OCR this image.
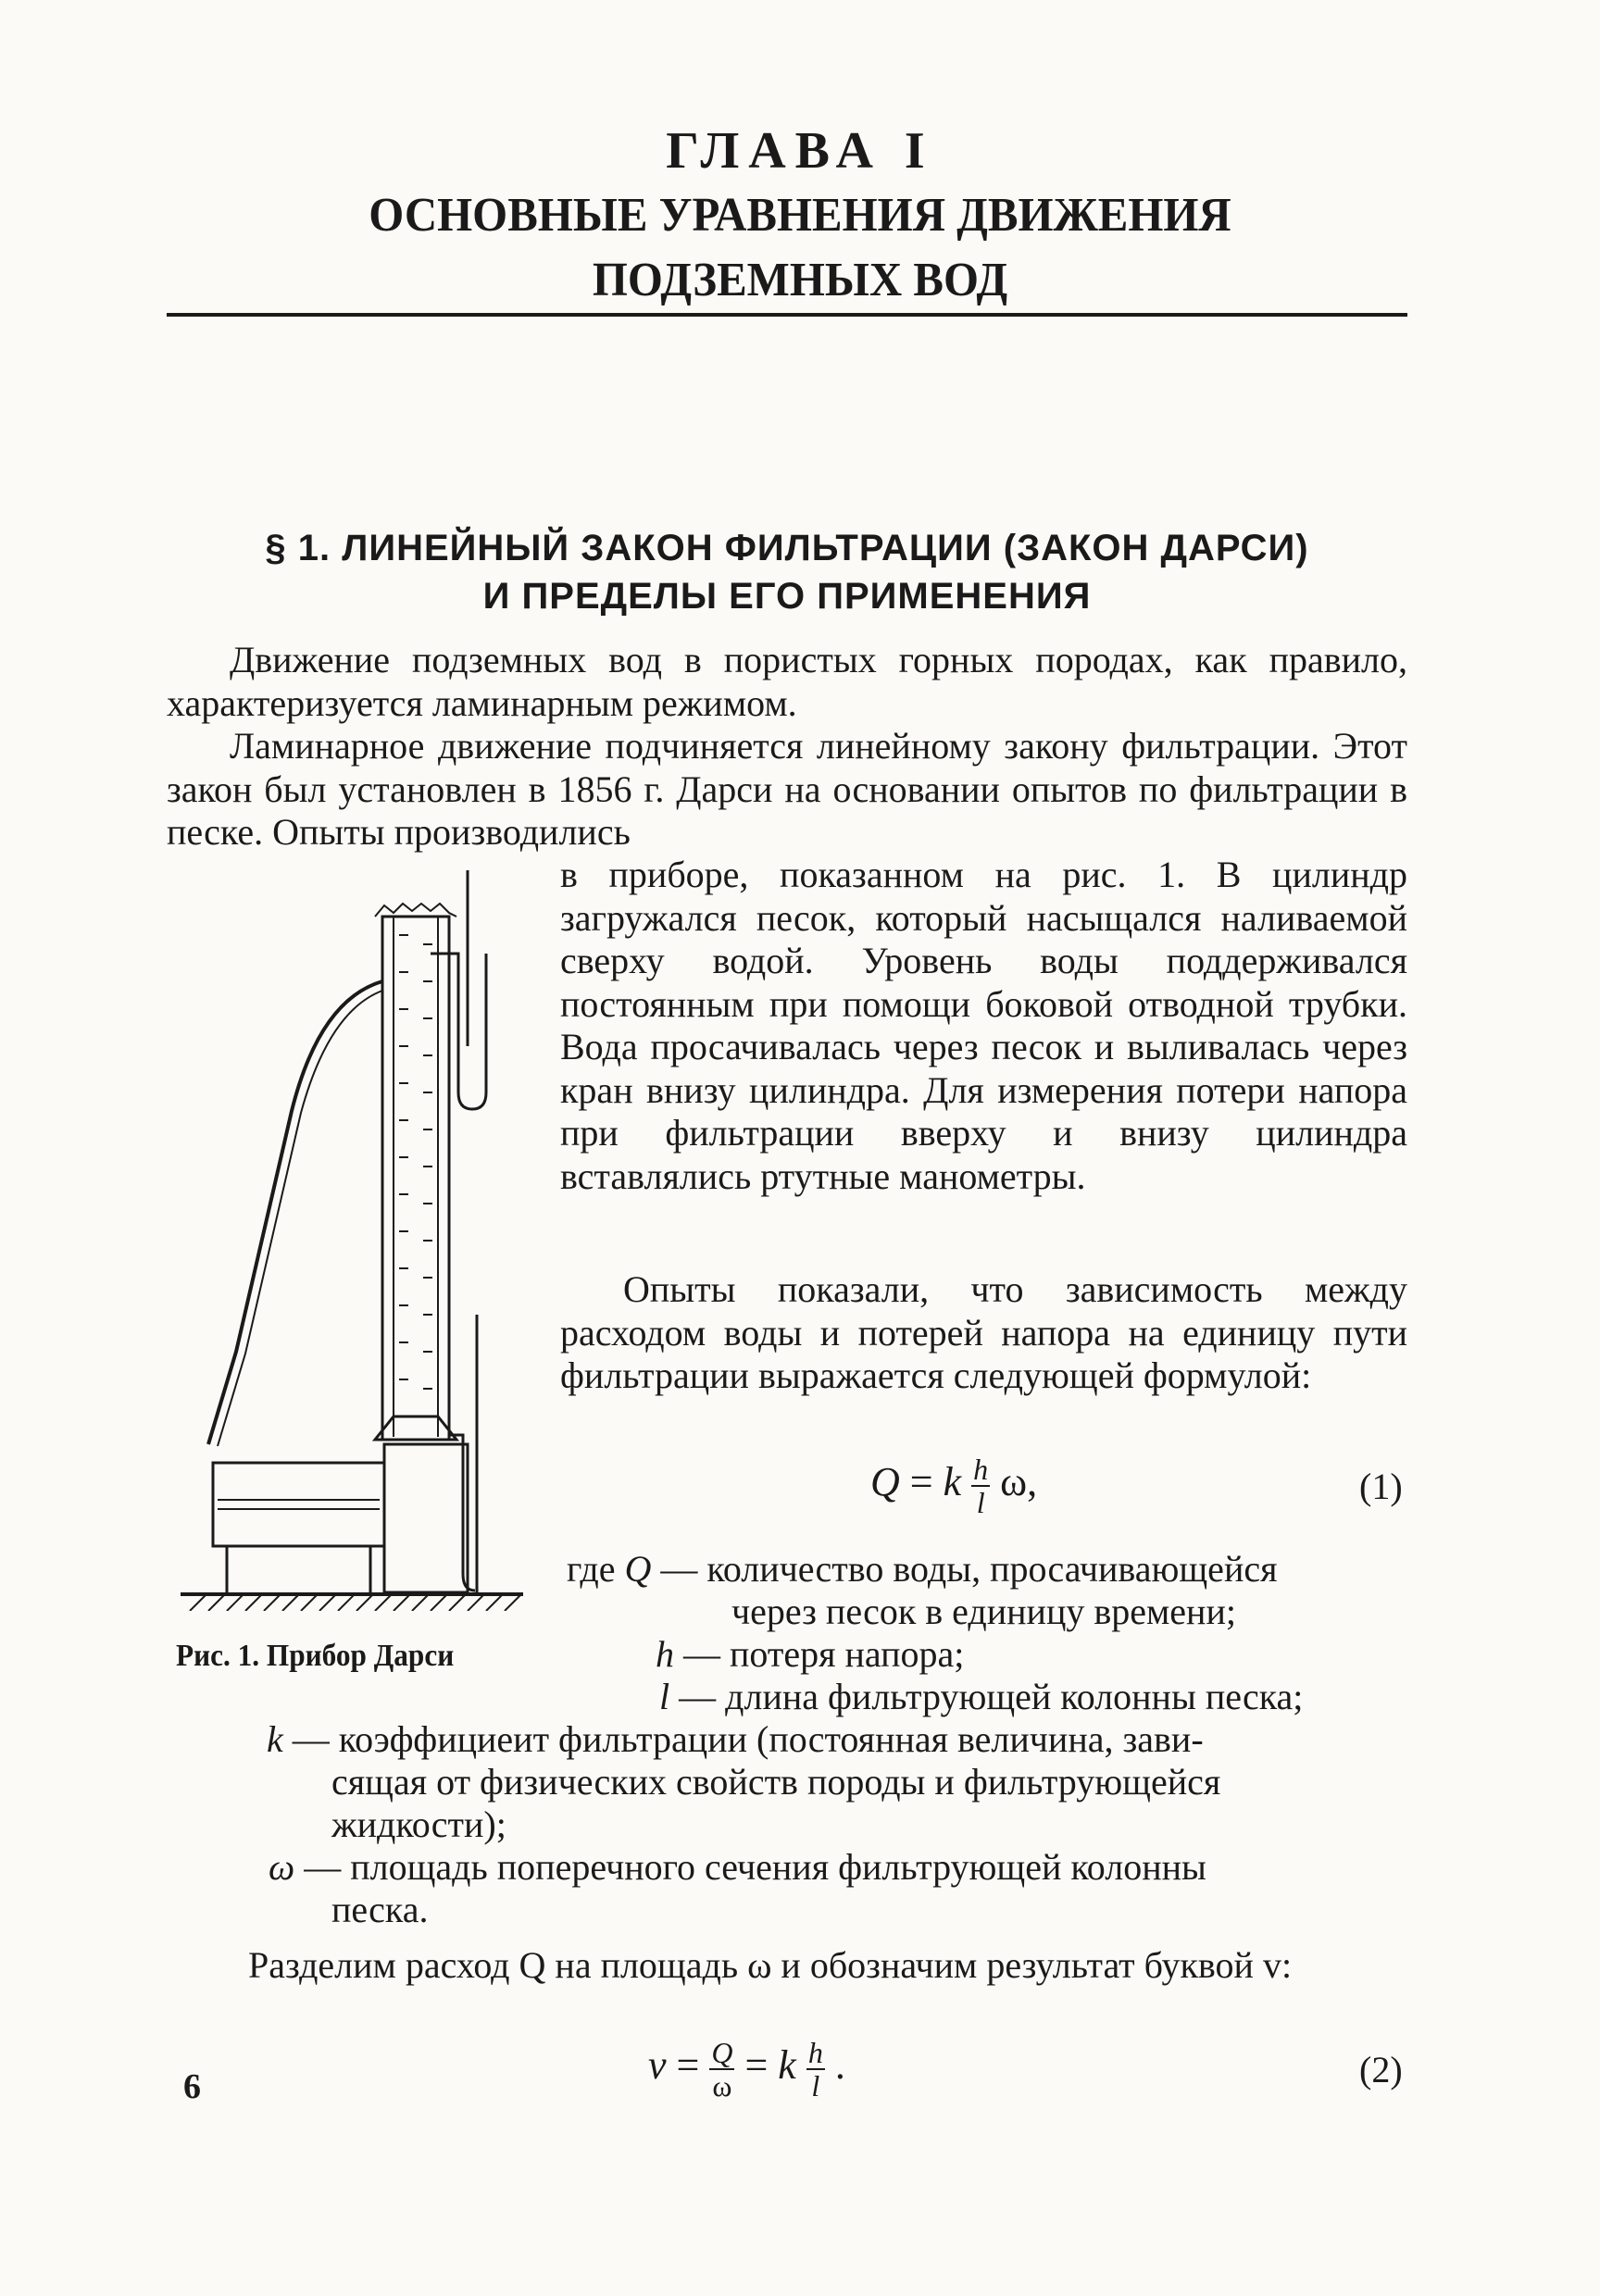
ГЛАВА I
ОСНОВНЫЕ УРАВНЕНИЯ ДВИЖЕНИЯ
ПОДЗЕМНЫХ ВОД
§ 1. ЛИНЕЙНЫЙ ЗАКОН ФИЛЬТРАЦИИ (ЗАКОН ДАРСИ)
И ПРЕДЕЛЫ ЕГО ПРИМЕНЕНИЯ
Движение подземных вод в пористых горных породах, как правило, характеризуется ламинарным режимом.
Ламинарное движение подчиняется линейному закону фильтрации. Этот закон был установлен в 1856 г. Дарси на основании опытов по фильтрации в песке. Опыты производились
в приборе, показанном на рис. 1. В цилиндр загружался песок, который насыщался наливаемой сверху водой. Уровень воды поддерживался постоянным при помощи боковой отводной трубки. Вода просачивалась через песок и выливалась через кран внизу цилиндра. Для измерения потери напора при фильтрации вверху и внизу цилиндра вставлялись ртутные манометры.
Опыты показали, что зависимость между расходом воды и потерей напора на единицу пути фильтрации выражается следующей формулой:
Рис. 1. Прибор Дарси
Q = k $\frac{h}{l} \omega$,	(1)
где Q — количество воды, просачивающейся
через песок в единицу времени;
h — потеря напора;
l — длина фильтрующей колонны песка;
k — коэффициеит фильтрации (постоянная величина, зави-
сящая от физических свойств породы и фильтрующейся
жидкости);
ω — площадь поперечного сечения фильтрующей колонны
песка.
Разделим расход Q на площадь ω и обозначим результат буквой v:
$v = \frac{Q}{\omega} = k \frac{h}{l}$ .	(2)
6
